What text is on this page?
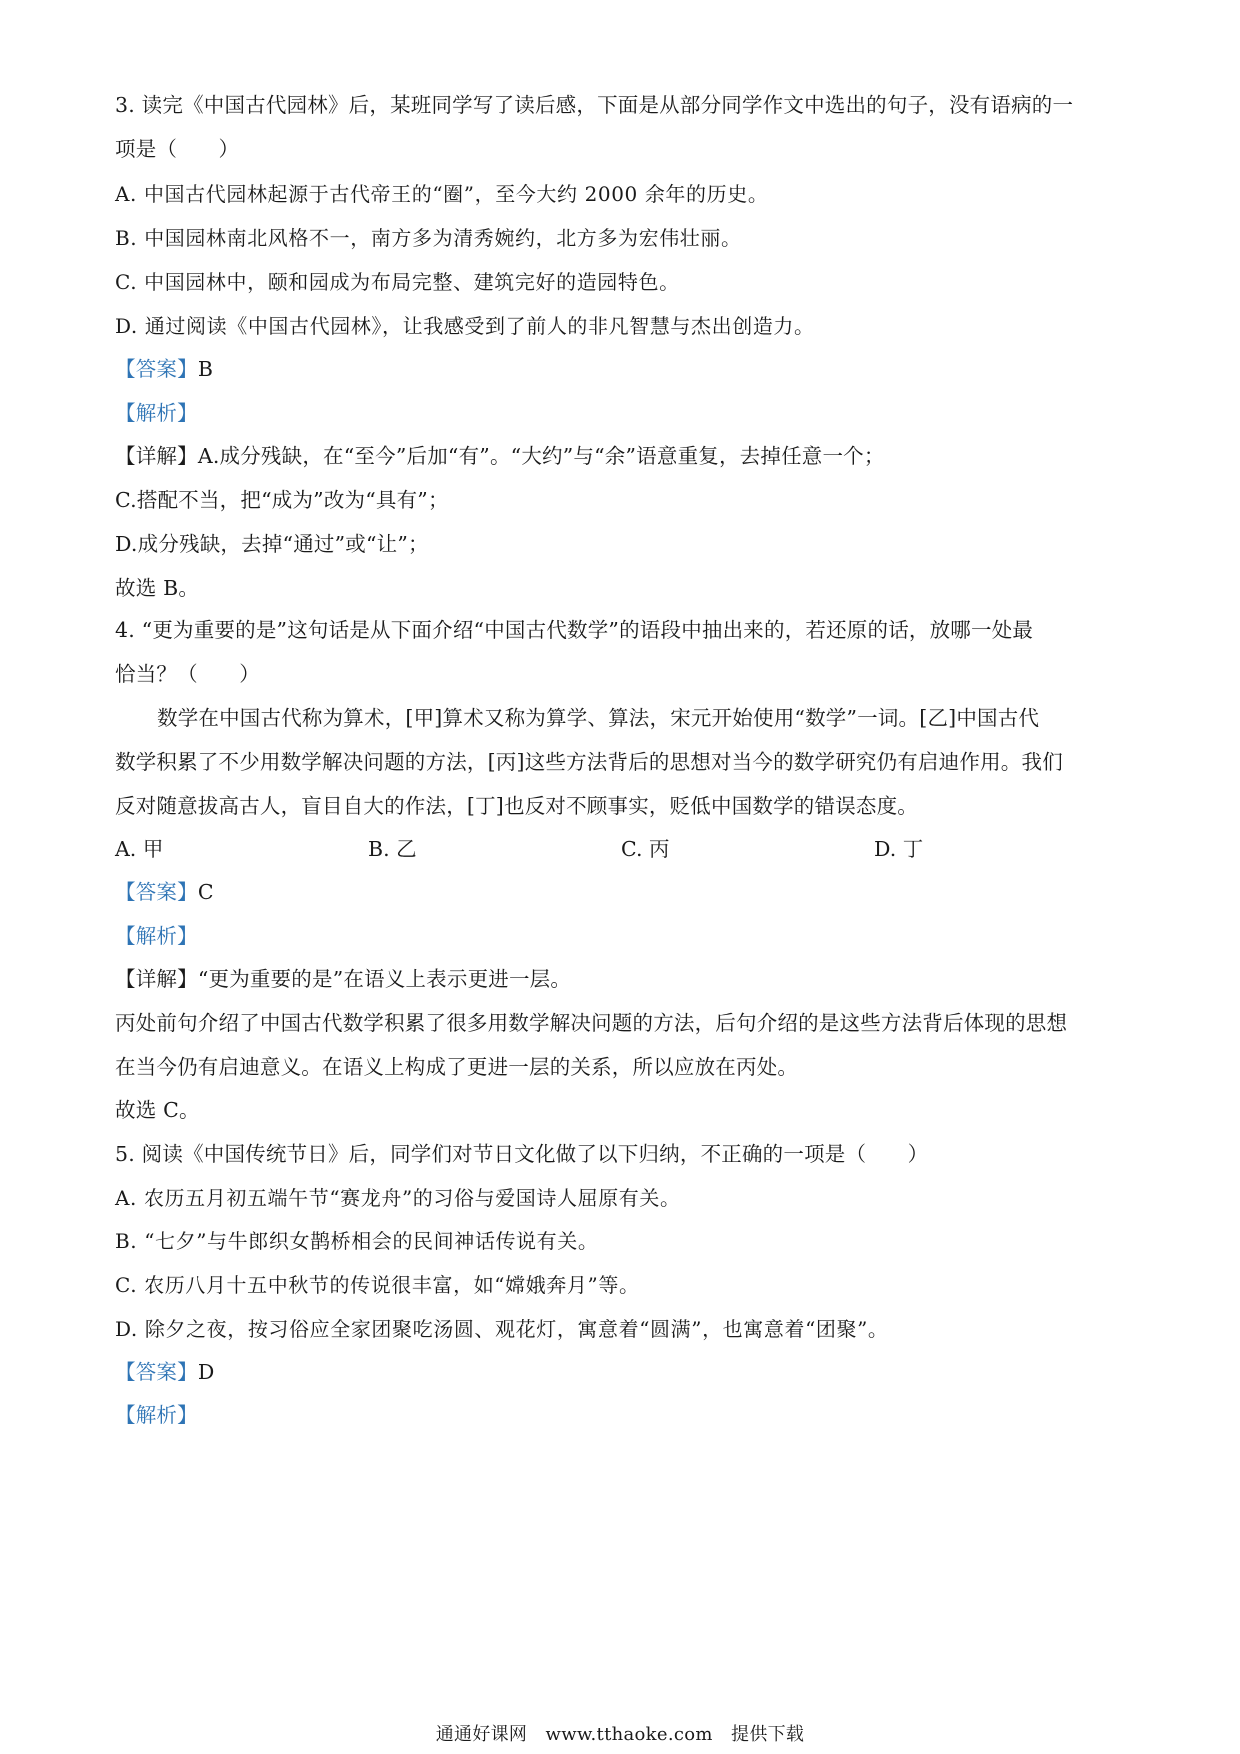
3. 读完《中国古代园林》后，某班同学写了读后感，下面是从部分同学作文中选出的句子，没有语病的一
项是（　　）
A. 中国古代园林起源于古代帝王的“圈”，至今大约 2000 余年的历史。
B. 中国园林南北风格不一，南方多为清秀婉约，北方多为宏伟壮丽。
C. 中国园林中，颐和园成为布局完整、建筑完好的造园特色。
D. 通过阅读《中国古代园林》，让我感受到了前人的非凡智慧与杰出创造力。
【答案】B
【解析】
【详解】A.成分残缺，在“至今”后加“有”。“大约”与“余”语意重复，去掉任意一个；
C.搭配不当，把“成为”改为“具有”；
D.成分残缺，去掉“通过”或“让”；
故选 B。
4. “更为重要的是”这句话是从下面介绍“中国古代数学”的语段中抽出来的，若还原的话，放哪一处最
恰当？（　　）
数学在中国古代称为算术，[甲]算术又称为算学、算法，宋元开始使用“数学”一词。[乙]中国古代
数学积累了不少用数学解决问题的方法，[丙]这些方法背后的思想对当今的数学研究仍有启迪作用。我们
反对随意拔高古人，盲目自大的作法，[丁]也反对不顾事实，贬低中国数学的错误态度。
A. 甲	B. 乙	C. 丙	D. 丁
【答案】C
【解析】
【详解】“更为重要的是”在语义上表示更进一层。
丙处前句介绍了中国古代数学积累了很多用数学解决问题的方法，后句介绍的是这些方法背后体现的思想
在当今仍有启迪意义。在语义上构成了更进一层的关系，所以应放在丙处。
故选 C。
5. 阅读《中国传统节日》后，同学们对节日文化做了以下归纳，不正确的一项是（　　）
A. 农历五月初五端午节“赛龙舟”的习俗与爱国诗人屈原有关。
B. “七夕”与牛郎织女鹊桥相会的民间神话传说有关。
C. 农历八月十五中秋节的传说很丰富，如“嫦娥奔月”等。
D. 除夕之夜，按习俗应全家团聚吃汤圆、观花灯，寓意着“圆满”，也寓意着“团聚”。
【答案】D
【解析】
通通好课网　www.tthaoke.com　提供下载
